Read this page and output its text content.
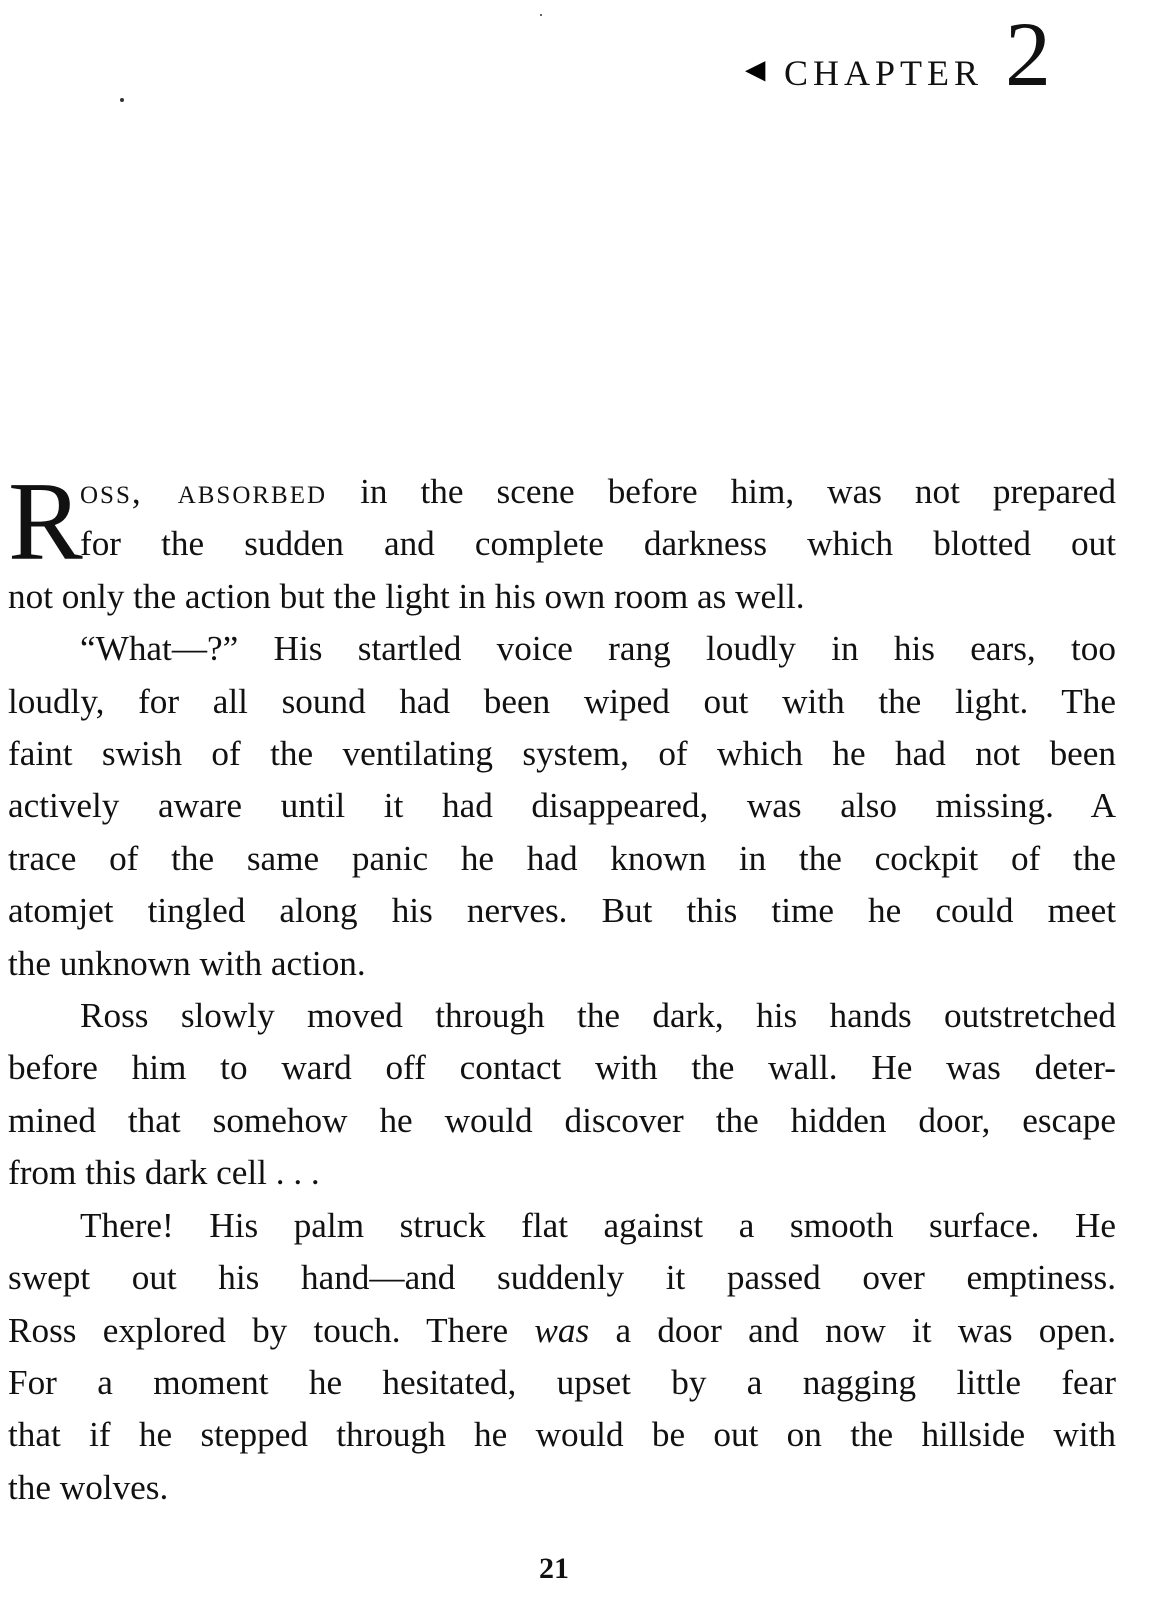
◄ CHAPTER 2
R
oss, absorbed in the scene before him, was not prepared
for the sudden and complete darkness which blotted out
not only the action but the light in his own room as well.
“What—?” His startled voice rang loudly in his ears, too
loudly, for all sound had been wiped out with the light. The
faint swish of the ventilating system, of which he had not been
actively aware until it had disappeared, was also missing. A
trace of the same panic he had known in the cockpit of the
atomjet tingled along his nerves. But this time he could meet
the unknown with action.
Ross slowly moved through the dark, his hands outstretched
before him to ward off contact with the wall. He was deter-
mined that somehow he would discover the hidden door, escape
from this dark cell . . .
There! His palm struck flat against a smooth surface. He
swept out his hand—and suddenly it passed over emptiness.
Ross explored by touch. There was a door and now it was open.
For a moment he hesitated, upset by a nagging little fear
that if he stepped through he would be out on the hillside with
the wolves.
21
